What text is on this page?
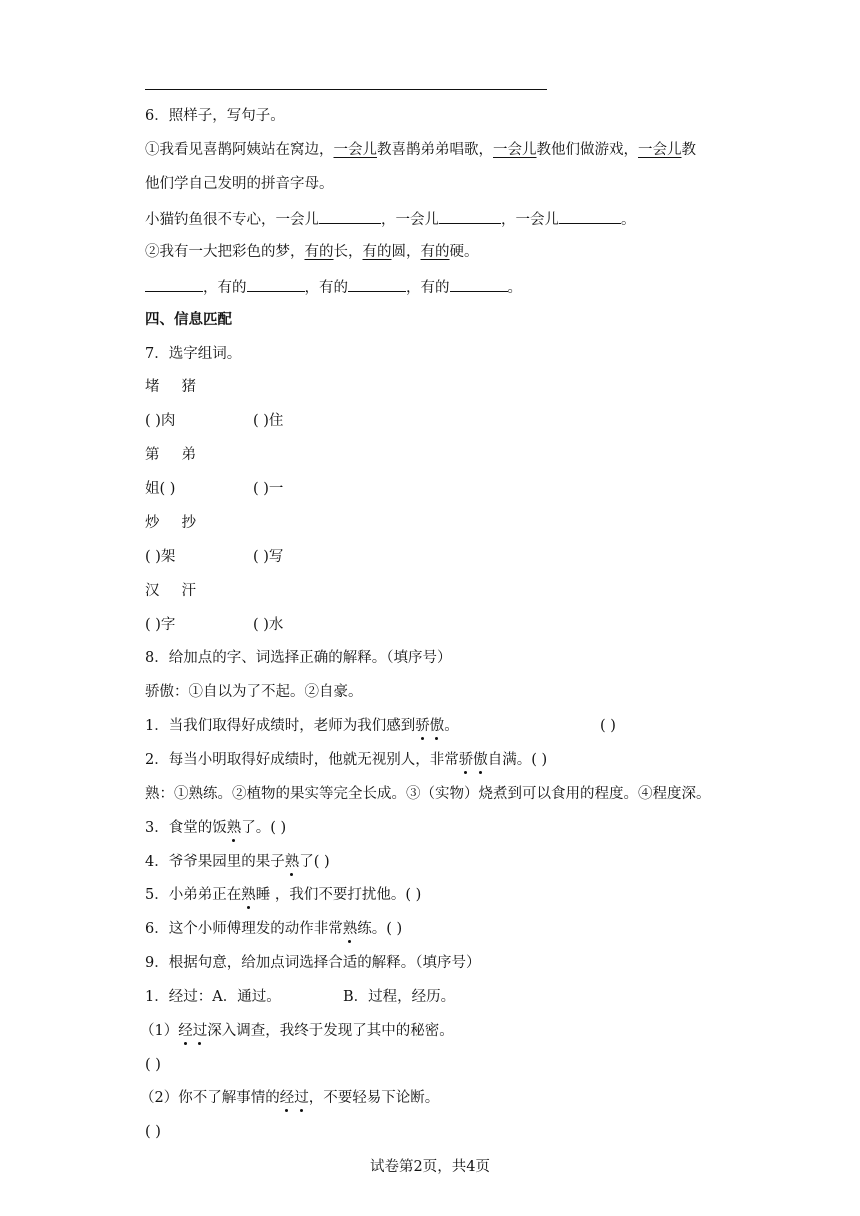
6．照样子，写句子。
①我看见喜鹊阿姨站在窝边，一会儿教喜鹊弟弟唱歌，一会儿教他们做游戏，一会儿教
他们学自己发明的拼音字母。
小猫钓鱼很不专心，一会儿	，一会儿	，一会儿	。
②我有一大把彩色的梦，有的长，有的圆，有的硬。
，有的	，有的	，有的	。
四、信息匹配
7．选字组词。
堵 猪
( )肉	( )住
第 弟
姐( )	( )一
炒 抄
( )架	( )写
汉 汗
( )字	( )水
8．给加点的字、词选择正确的解释。（填序号）
骄傲：①自以为了不起。②自豪。
1．当我们取得好成绩时，老师为我们感到骄傲。	( )
2．每当小明取得好成绩时，他就无视别人，非常骄傲自满。( )
熟：①熟练。②植物的果实等完全长成。③（实物）烧煮到可以食用的程度。④程度深。
3．食堂的饭熟了。( )
4．爷爷果园里的果子熟了( )
5．小弟弟正在熟睡 ，我们不要打扰他。( )
6．这个小师傅理发的动作非常熟练。( )
9．根据句意，给加点词选择合适的解释。（填序号）
1．经过：A．通过。	B．过程，经历。
（1）经过深入调查，我终于发现了其中的秘密。
( )
（2）你不了解事情的经过，不要轻易下论断。
( )
试卷第2页，共4页
